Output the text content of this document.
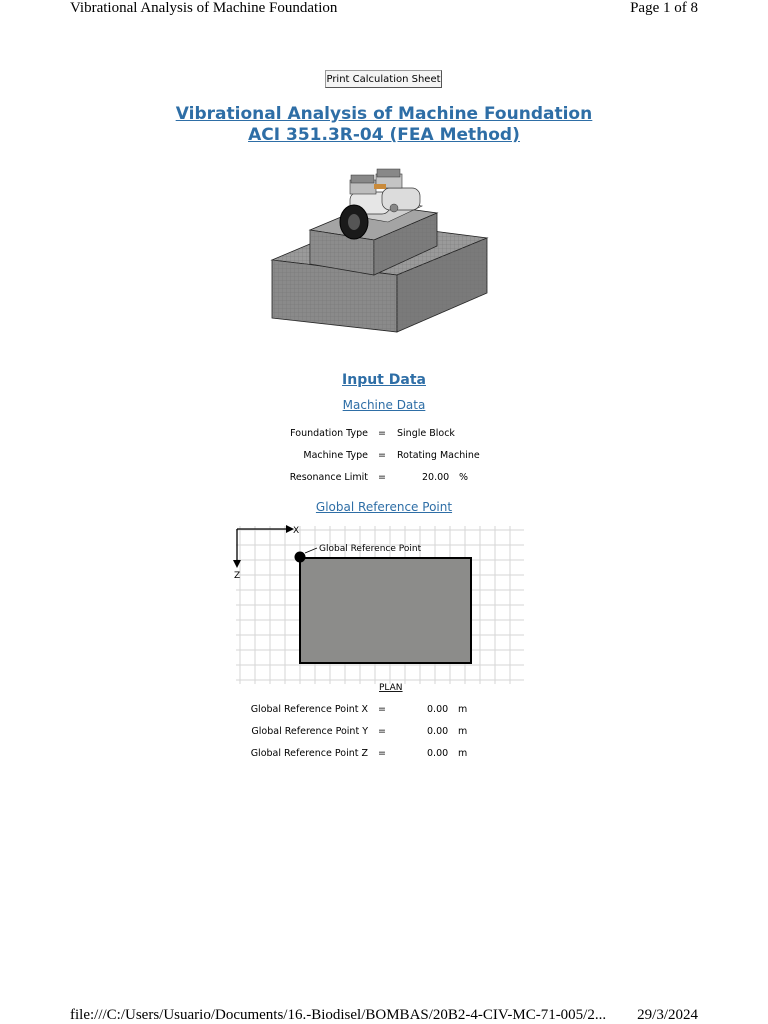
Vibrational Analysis of Machine Foundation	Page 1 of 8
Print Calculation Sheet
Vibrational Analysis of Machine Foundation
ACI 351.3R-04 (FEA Method)
Input Data
Machine Data
Foundation Type = Single Block
Machine Type = Rotating Machine
Resonance Limit =	20.00 %
Global Reference Point
X
Z
Global Reference Point
PLAN
Global Reference Point X =	0.00 m
Global Reference Point Y =	0.00 m
Global Reference Point Z =	0.00 m
file:///C:/Users/Usuario/Documents/16.-Biodisel/BOMBAS/20B2-4-CIV-MC-71-005/2... 29/3/2024
